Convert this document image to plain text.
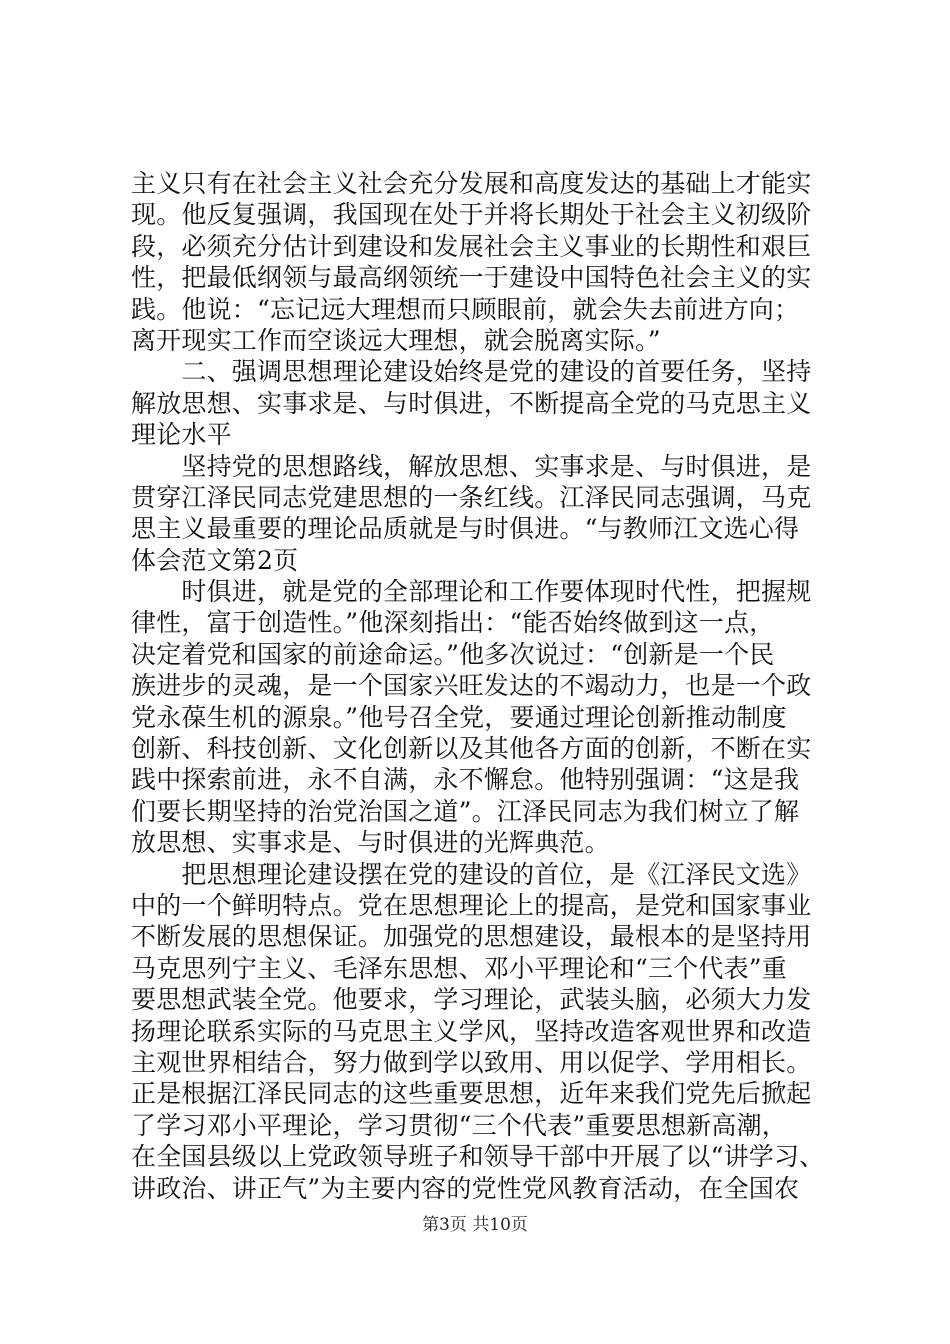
主义只有在社会主义社会充分发展和高度发达的基础上才能实
现。他反复强调，我国现在处于并将长期处于社会主义初级阶
段，必须充分估计到建设和发展社会主义事业的长期性和艰巨
性，把最低纲领与最高纲领统一于建设中国特色社会主义的实
践。他说：“忘记远大理想而只顾眼前，就会失去前进方向；
离开现实工作而空谈远大理想，就会脱离实际。”
　　二、强调思想理论建设始终是党的建设的首要任务，坚持
解放思想、实事求是、与时俱进，不断提高全党的马克思主义
理论水平
　　坚持党的思想路线，解放思想、实事求是、与时俱进，是
贯穿江泽民同志党建思想的一条红线。江泽民同志强调，马克
思主义最重要的理论品质就是与时俱进。“与教师江文选心得
体会范文第2页
　　时俱进，就是党的全部理论和工作要体现时代性，把握规
律性，富于创造性。”他深刻指出：“能否始终做到这一点，
决定着党和国家的前途命运。”他多次说过：“创新是一个民
族进步的灵魂，是一个国家兴旺发达的不竭动力，也是一个政
党永葆生机的源泉。”他号召全党，要通过理论创新推动制度
创新、科技创新、文化创新以及其他各方面的创新，不断在实
践中探索前进，永不自满，永不懈怠。他特别强调：“这是我
们要长期坚持的治党治国之道”。江泽民同志为我们树立了解
放思想、实事求是、与时俱进的光辉典范。
　　把思想理论建设摆在党的建设的首位，是《江泽民文选》
中的一个鲜明特点。党在思想理论上的提高，是党和国家事业
不断发展的思想保证。加强党的思想建设，最根本的是坚持用
马克思列宁主义、毛泽东思想、邓小平理论和“三个代表”重
要思想武装全党。他要求，学习理论，武装头脑，必须大力发
扬理论联系实际的马克思主义学风，坚持改造客观世界和改造
主观世界相结合，努力做到学以致用、用以促学、学用相长。
正是根据江泽民同志的这些重要思想，近年来我们党先后掀起
了学习邓小平理论，学习贯彻“三个代表”重要思想新高潮，
在全国县级以上党政领导班子和领导干部中开展了以“讲学习、
讲政治、讲正气”为主要内容的党性党风教育活动，在全国农
第3页 共10页
